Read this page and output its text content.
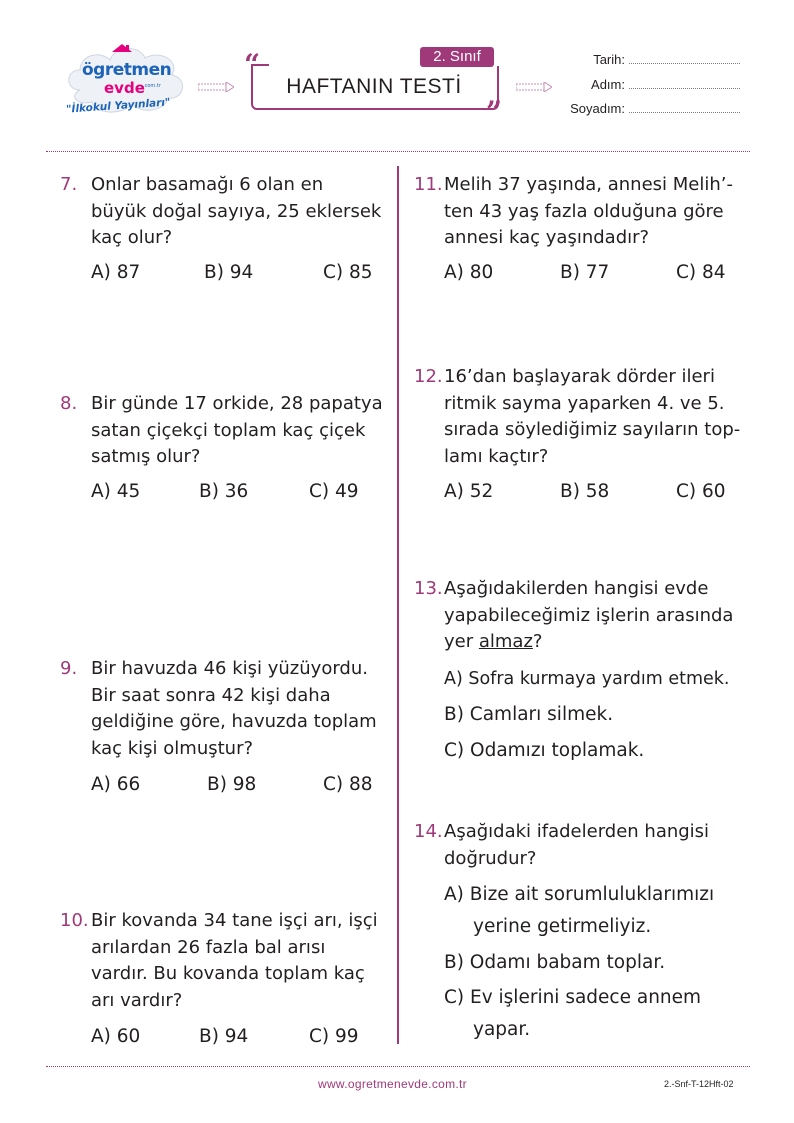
ögretmen
evde
.com.tr
"İlkokul Yayınları"
2. Sınıf
HAFTANIN TESTİ
“
”
Tarih:
Adım:
Soyadım:
7. Onlar basamağı 6 olan en
büyük doğal sayıya, 25 eklersek
kaç olur?
A) 87	B) 94	C) 85
8. Bir günde 17 orkide, 28 papatya
satan çiçekçi toplam kaç çiçek
satmış olur?
A) 45	B) 36	C) 49
9. Bir havuzda 46 kişi yüzüyordu.
Bir saat sonra 42 kişi daha
geldiğine göre, havuzda toplam
kaç kişi olmuştur?
A) 66	B) 98	C) 88
10. Bir kovanda 34 tane işçi arı, işçi
arılardan 26 fazla bal arısı
vardır. Bu kovanda toplam kaç
arı vardır?
A) 60	B) 94	C) 99
11. Melih 37 yaşında, annesi Melih’-
ten 43 yaş fazla olduğuna göre
annesi kaç yaşındadır?
A) 80	B) 77	C) 84
12. 16’dan başlayarak dörder ileri
ritmik sayma yaparken 4. ve 5.
sırada söylediğimiz sayıların top-
lamı kaçtır?
A) 52	B) 58	C) 60
13. Aşağıdakilerden hangisi evde
yapabileceğimiz işlerin arasında
yer almaz?
A) Sofra kurmaya yardım etmek.
B) Camları silmek.
C) Odamızı toplamak.
14. Aşağıdaki ifadelerden hangisi
doğrudur?
A) Bize ait sorumluluklarımızı
yerine getirmeliyiz.
B) Odamı babam toplar.
C) Ev işlerini sadece annem
yapar.
www.ogretmenevde.com.tr	2.-Snf-T-12Hft-02
